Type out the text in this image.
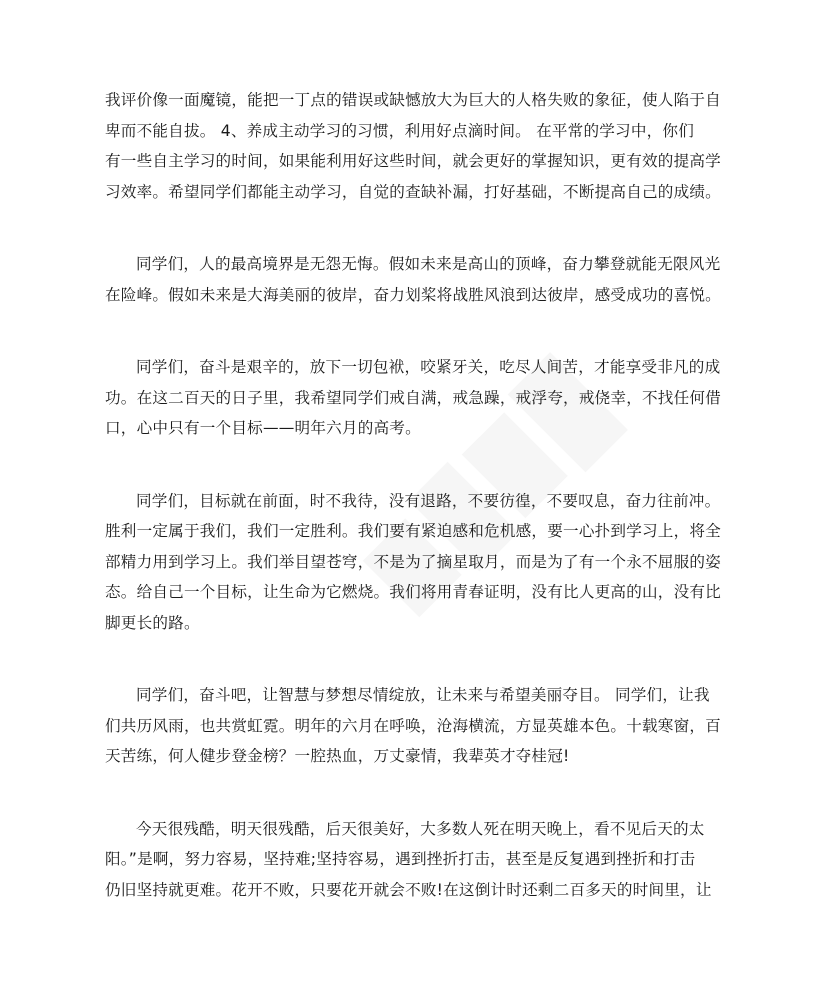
我评价像一面魔镜，能把一丁点的错误或缺憾放大为巨大的人格失败的象征，使人陷于自
卑而不能自拔。 4、养成主动学习的习惯，利用好点滴时间。 在平常的学习中，你们
有一些自主学习的时间，如果能利用好这些时间，就会更好的掌握知识，更有效的提高学
习效率。希望同学们都能主动学习，自觉的查缺补漏，打好基础，不断提高自己的成绩。
同学们，人的最高境界是无怨无悔。假如未来是高山的顶峰，奋力攀登就能无限风光
在险峰。假如未来是大海美丽的彼岸，奋力划桨将战胜风浪到达彼岸，感受成功的喜悦。
同学们，奋斗是艰辛的，放下一切包袱，咬紧牙关，吃尽人间苦，才能享受非凡的成
功。在这二百天的日子里，我希望同学们戒自满，戒急躁，戒浮夸，戒侥幸，不找任何借
口，心中只有一个目标——明年六月的高考。
同学们，目标就在前面，时不我待，没有退路，不要彷徨，不要叹息，奋力往前冲。
胜利一定属于我们，我们一定胜利。我们要有紧迫感和危机感，要一心扑到学习上，将全
部精力用到学习上。我们举目望苍穹，不是为了摘星取月，而是为了有一个永不屈服的姿
态。给自己一个目标，让生命为它燃烧。我们将用青春证明，没有比人更高的山，没有比
脚更长的路。
同学们，奋斗吧，让智慧与梦想尽情绽放，让未来与希望美丽夺目。 同学们，让我
们共历风雨，也共赏虹霓。明年的六月在呼唤，沧海横流，方显英雄本色。十载寒窗，百
天苦练，何人健步登金榜？一腔热血，万丈豪情，我辈英才夺桂冠!
今天很残酷，明天很残酷，后天很美好，大多数人死在明天晚上，看不见后天的太
阳。”是啊，努力容易，坚持难;坚持容易，遇到挫折打击，甚至是反复遇到挫折和打击
仍旧坚持就更难。花开不败，只要花开就会不败!在这倒计时还剩二百多天的时间里，让
